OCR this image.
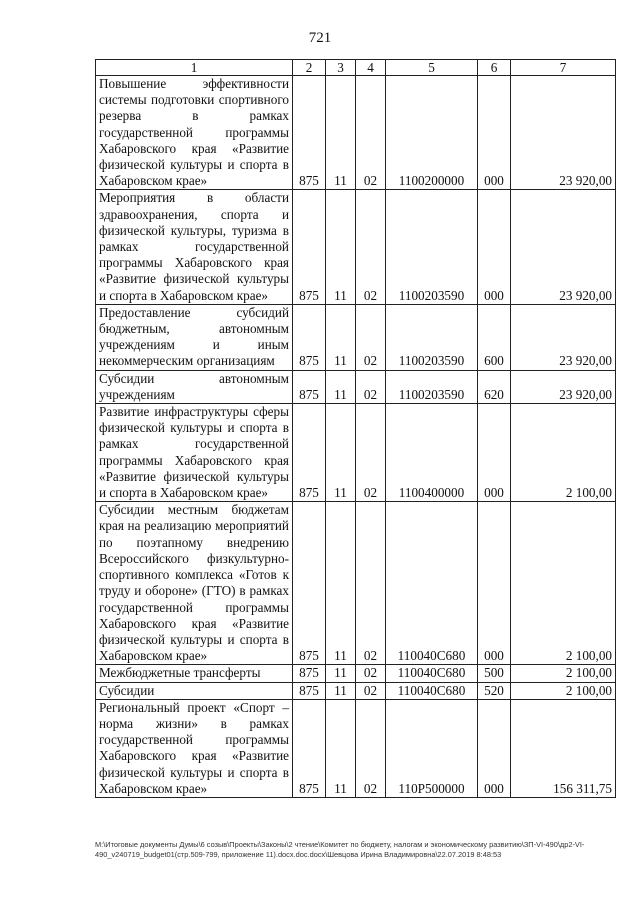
721
1	2	3	4	5	6	7
Повышение эффективности системы подготовки спортивного резерва в рамках государственной программы Хабаровского края «Развитие физической культуры и спорта в Хабаровском крае»	875	11	02	1100200000	000	23 920,00
Мероприятия в области здравоохранения, спорта и физической культуры, туризма в рамках государственной программы Хабаровского края «Развитие физической культуры и спорта в Хабаровском крае»	875	11	02	1100203590	000	23 920,00
Предоставление субсидий бюджетным, автономным учреждениям и иным некоммерческим организациям	875	11	02	1100203590	600	23 920,00
Субсидии автономным учреждениям	875	11	02	1100203590	620	23 920,00
Развитие инфраструктуры сферы физической культуры и спорта в рамках государственной программы Хабаровского края «Развитие физической культуры и спорта в Хабаровском крае»	875	11	02	1100400000	000	2 100,00
Субсидии местным бюджетам края на реализацию мероприятий по поэтапному внедрению Всероссийского физкультурно-спортивного комплекса «Готов к труду и обороне» (ГТО) в рамках государственной программы Хабаровского края «Развитие физической культуры и спорта в Хабаровском крае»	875	11	02	110040С680	000	2 100,00
Межбюджетные трансферты	875	11	02	110040С680	500	2 100,00
Субсидии	875	11	02	110040С680	520	2 100,00
Региональный проект «Спорт – норма жизни» в рамках государственной программы Хабаровского края «Развитие физической культуры и спорта в Хабаровском крае»	875	11	02	110Р500000	000	156 311,75
M:\Итоговые документы Думы\6 созыв\Проекты\Законы\2 чтение\Комитет по бюджету, налогам и экономическому развитию\ЗП-VI-490\др2-VI-490_v240719_budget01(стр.509-799, приложение 11).docx.doc.docx\Шевцова Ирина Владимировна\22.07.2019 8:48:53
